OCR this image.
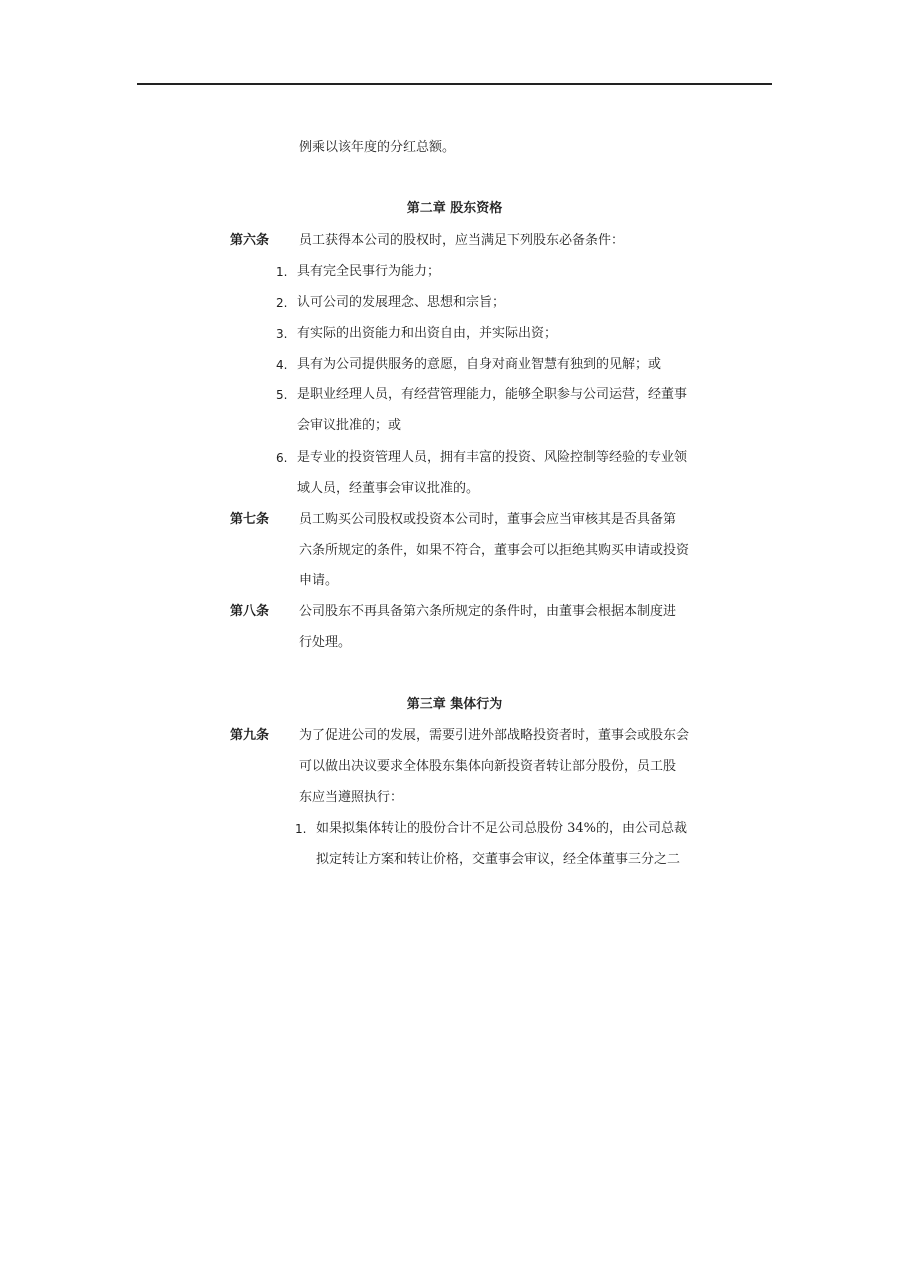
例乘以该年度的分红总额。
第二章 股东资格
第六条 员工获得本公司的股权时，应当满足下列股东必备条件：
1. 具有完全民事行为能力；
2. 认可公司的发展理念、思想和宗旨；
3. 有实际的出资能力和出资自由，并实际出资；
4. 具有为公司提供服务的意愿，自身对商业智慧有独到的见解；或
5. 是职业经理人员，有经营管理能力，能够全职参与公司运营，经董事
会审议批准的；或
6. 是专业的投资管理人员，拥有丰富的投资、风险控制等经验的专业领
域人员，经董事会审议批准的。
第七条 员工购买公司股权或投资本公司时，董事会应当审核其是否具备第
六条所规定的条件，如果不符合，董事会可以拒绝其购买申请或投资
申请。
第八条 公司股东不再具备第六条所规定的条件时，由董事会根据本制度进
行处理。
第三章 集体行为
第九条 为了促进公司的发展，需要引进外部战略投资者时，董事会或股东会
可以做出决议要求全体股东集体向新投资者转让部分股份，员工股
东应当遵照执行：
1. 如果拟集体转让的股份合计不足公司总股份 34%的，由公司总裁
拟定转让方案和转让价格，交董事会审议，经全体董事三分之二
